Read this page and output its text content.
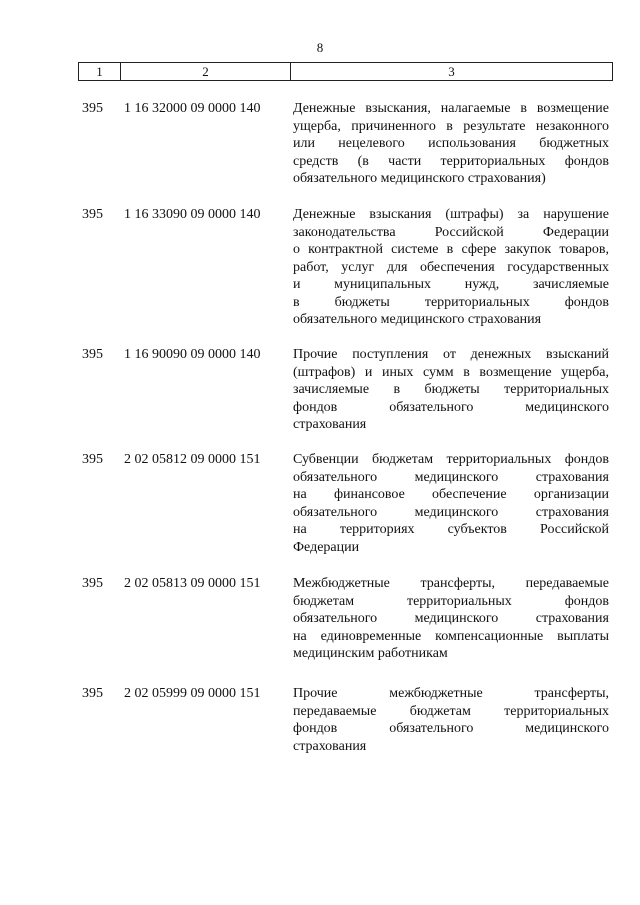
8
1	2	3
395	1 16 32000 09 0000 140	Денежные взыскания, налагаемые в возмещение
ущерба, причиненного в результате незаконного
или нецелевого использования бюджетных
средств (в части территориальных фондов
обязательного медицинского страхования)
395	1 16 33090 09 0000 140	Денежные взыскания (штрафы) за нарушение
законодательства Российской Федерации
о контрактной системе в сфере закупок товаров,
работ, услуг для обеспечения государственных
и муниципальных нужд, зачисляемые
в бюджеты территориальных фондов
обязательного медицинского страхования
395	1 16 90090 09 0000 140	Прочие поступления от денежных взысканий
(штрафов) и иных сумм в возмещение ущерба,
зачисляемые в бюджеты территориальных
фондов обязательного медицинского
страхования
395	2 02 05812 09 0000 151	Субвенции бюджетам территориальных фондов
обязательного медицинского страхования
на финансовое обеспечение организации
обязательного медицинского страхования
на территориях субъектов Российской
Федерации
395	2 02 05813 09 0000 151	Межбюджетные трансферты, передаваемые
бюджетам территориальных фондов
обязательного медицинского страхования
на единовременные компенсационные выплаты
медицинским работникам
395	2 02 05999 09 0000 151	Прочие межбюджетные трансферты,
передаваемые бюджетам территориальных
фондов обязательного медицинского
страхования
